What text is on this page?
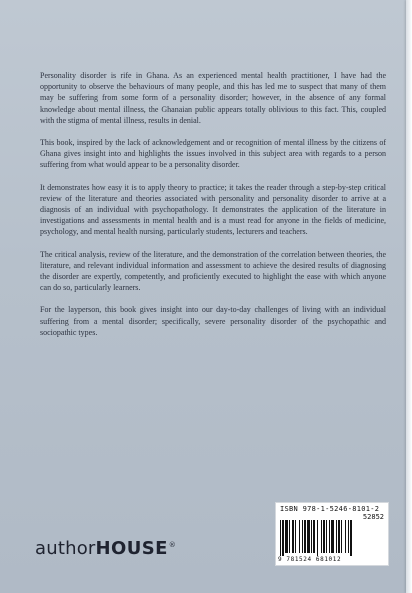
Personality disorder is rife in Ghana. As an experienced mental health practitioner, I have had the opportunity to observe the behaviours of many people, and this has led me to suspect that many of them may be suffering from some form of a personality disorder; however, in the absence of any formal knowledge about mental illness, the Ghanaian public appears totally oblivious to this fact. This, coupled with the stigma of mental illness, results in denial.

This book, inspired by the lack of acknowledgement and or recognition of mental illness by the citizens of Ghana gives insight into and highlights the issues involved in this subject area with regards to a person suffering from what would appear to be a personality disorder.

It demonstrates how easy it is to apply theory to practice; it takes the reader through a step-by-step critical review of the literature and theories associated with personality and personality disorder to arrive at a diagnosis of an individual with psychopathology. It demonstrates the application of the literature in investigations and assessments in mental health and is a must read for anyone in the fields of medicine, psychology, and mental health nursing, particularly students, lecturers and teachers.

The critical analysis, review of the literature, and the demonstration of the correlation between theories, the literature, and relevant individual information and assessment to achieve the desired results of diagnosing the disorder are expertly, competently, and proficiently executed to highlight the ease with which anyone can do so, particularly learners.

For the layperson, this book gives insight into our day-to-day challenges of living with an individual suffering from a mental disorder; specifically, severe personality disorder of the psychopathic and sociopathic types.

ISBN 978-1-5246-8101-2
52852
9 781524 681012
authorHOUSE®
